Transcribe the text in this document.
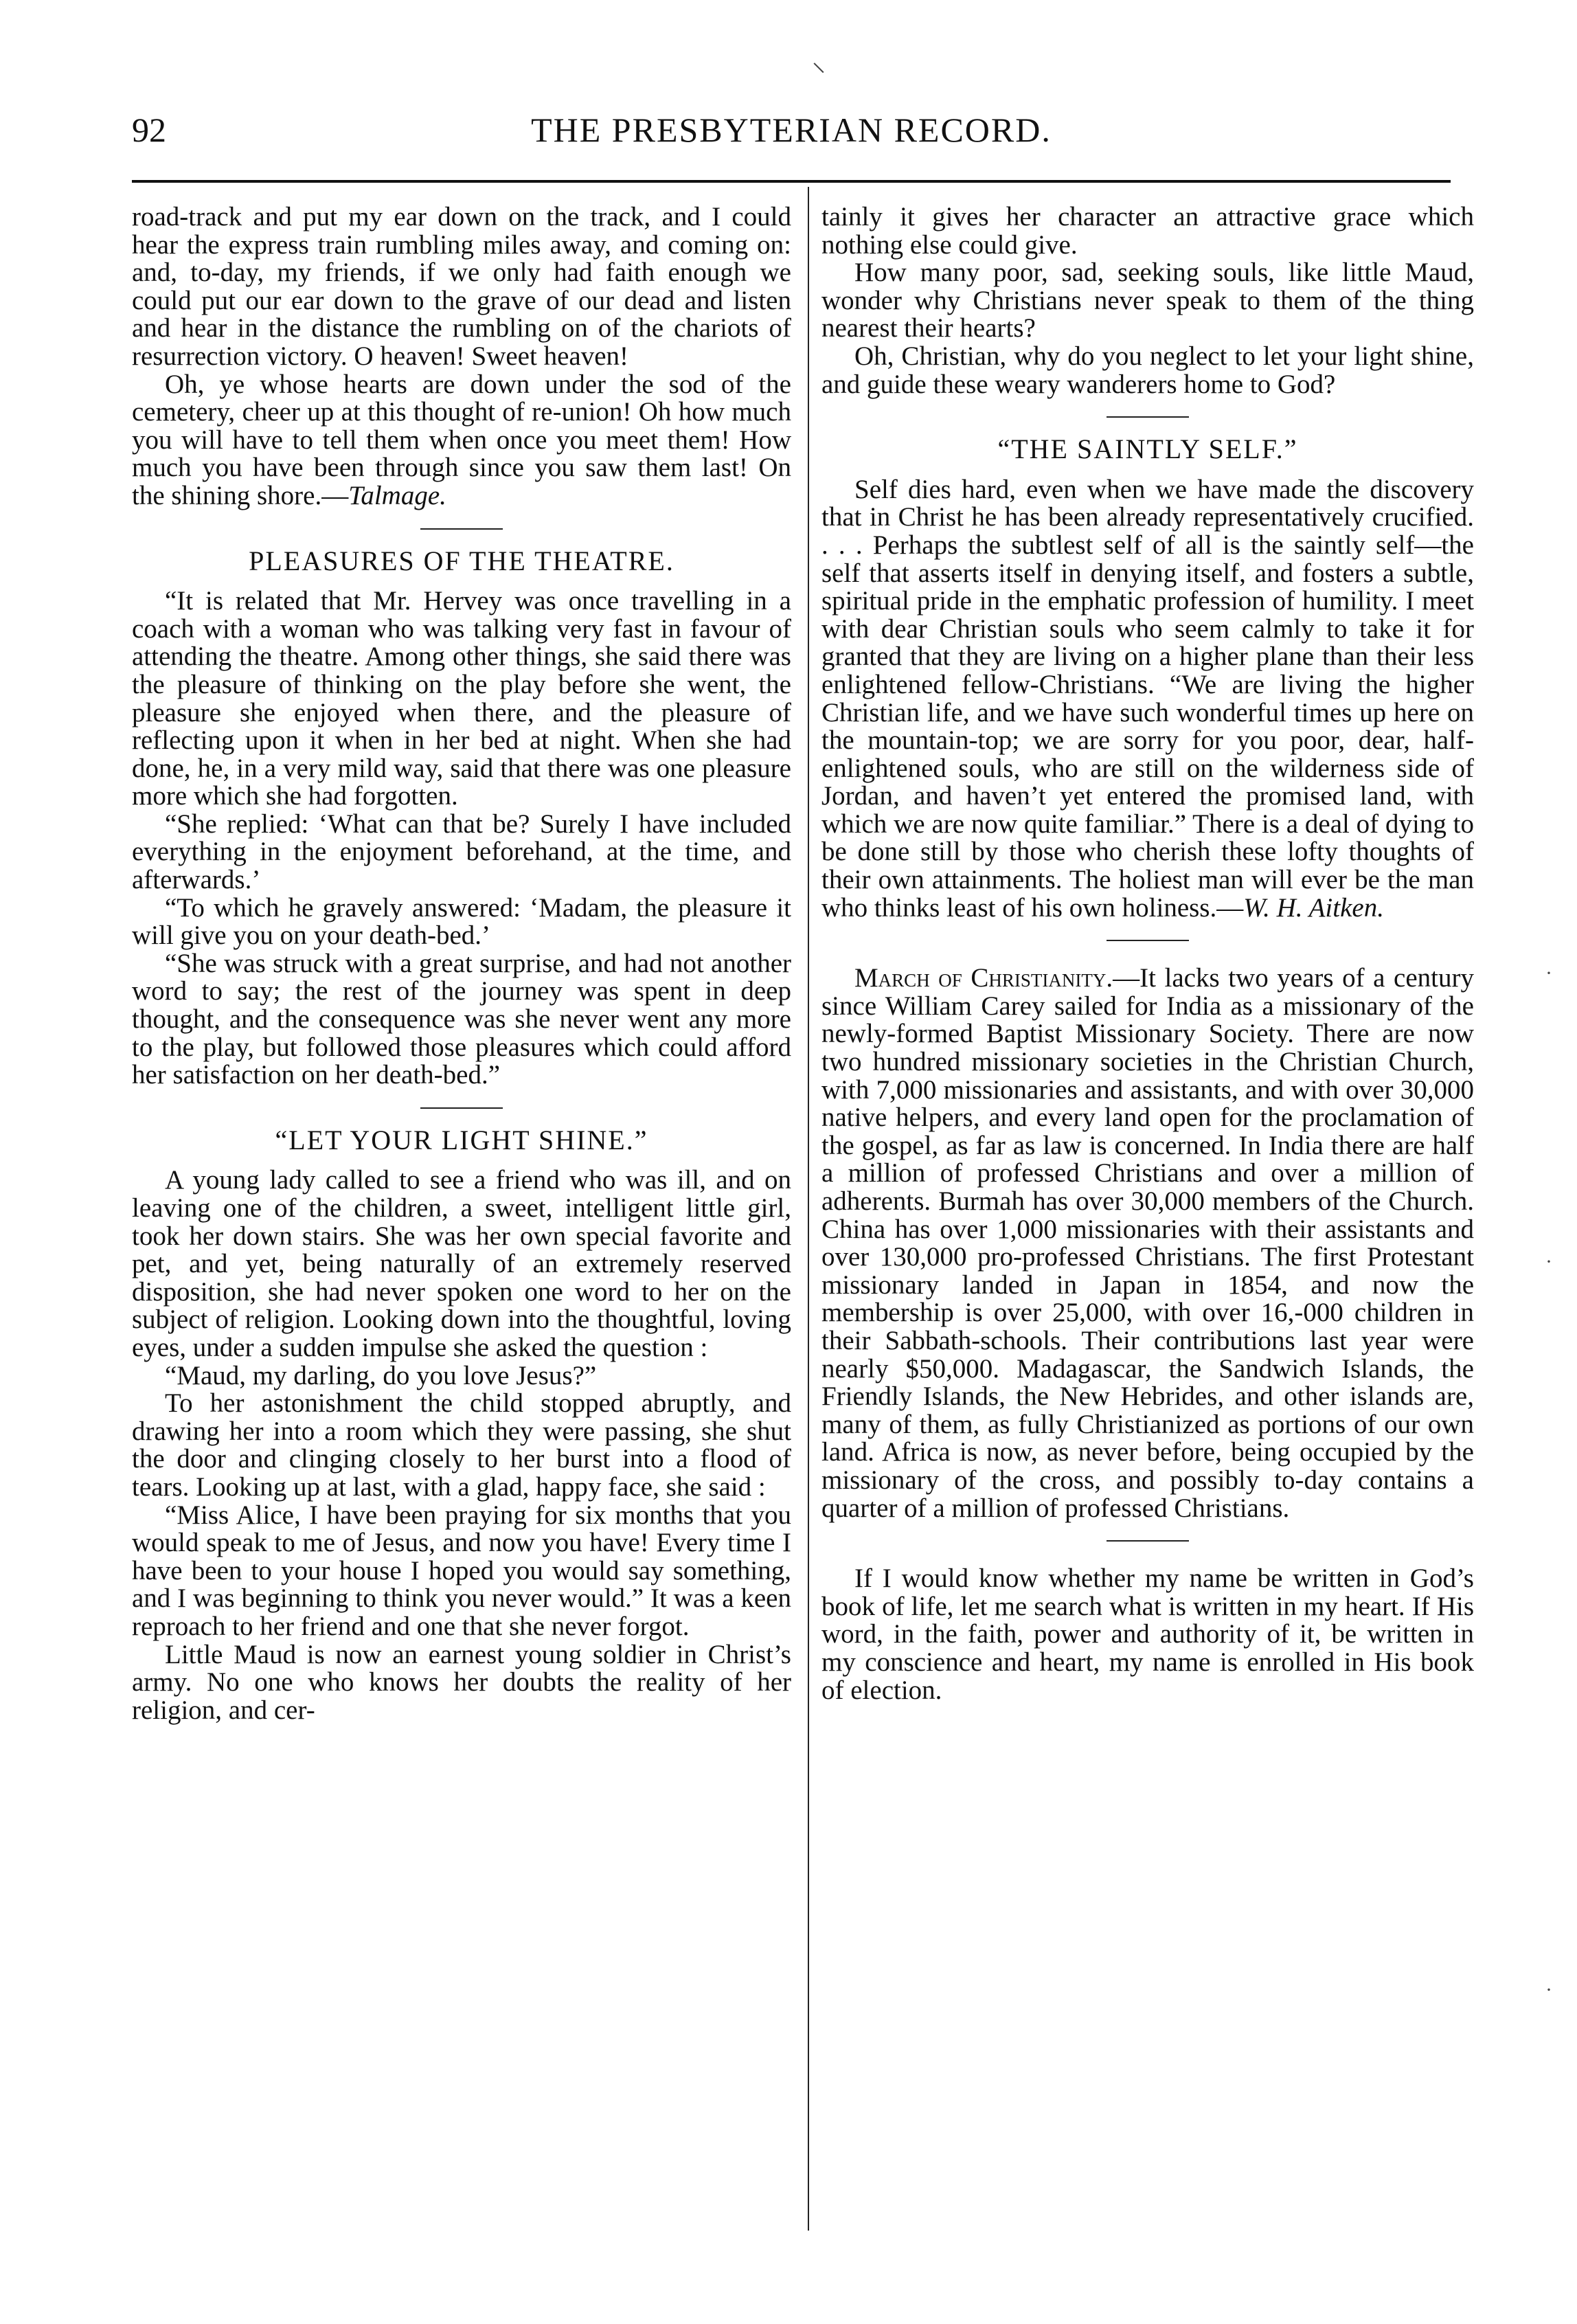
92	THE PRESBYTERIAN RECORD.

road-track and put my ear down on the track, and I could hear the express train rumbling miles away, and coming on: and, to-day, my friends, if we only had faith enough we could put our ear down to the grave of our dead and listen and hear in the distance the rumbling on of the chariots of resurrection victory. O heaven! Sweet heaven!

Oh, ye whose hearts are down under the sod of the cemetery, cheer up at this thought of re-union! Oh how much you will have to tell them when once you meet them! How much you have been through since you saw them last! On the shining shore.—Talmage.

PLEASURES OF THE THEATRE.

“It is related that Mr. Hervey was once travelling in a coach with a woman who was talking very fast in favour of attending the theatre. Among other things, she said there was the pleasure of thinking on the play before she went, the pleasure she enjoyed when there, and the pleasure of reflecting upon it when in her bed at night. When she had done, he, in a very mild way, said that there was one pleasure more which she had forgotten.

“She replied: ‘What can that be? Surely I have included everything in the enjoyment beforehand, at the time, and afterwards.’

“To which he gravely answered: ‘Madam, the pleasure it will give you on your death-bed.’

“She was struck with a great surprise, and had not another word to say; the rest of the journey was spent in deep thought, and the consequence was she never went any more to the play, but followed those pleasures which could afford her satisfaction on her death-bed.”

“LET YOUR LIGHT SHINE.”

A young lady called to see a friend who was ill, and on leaving one of the children, a sweet, intelligent little girl, took her down stairs. She was her own special favorite and pet, and yet, being naturally of an extremely reserved disposition, she had never spoken one word to her on the subject of religion. Looking down into the thoughtful, loving eyes, under a sudden impulse she asked the question :

“Maud, my darling, do you love Jesus?”

To her astonishment the child stopped abruptly, and drawing her into a room which they were passing, she shut the door and clinging closely to her burst into a flood of tears. Looking up at last, with a glad, happy face, she said :

“Miss Alice, I have been praying for six months that you would speak to me of Jesus, and now you have! Every time I have been to your house I hoped you would say something, and I was beginning to think you never would.” It was a keen reproach to her friend and one that she never forgot.

Little Maud is now an earnest young soldier in Christ’s army. No one who knows her doubts the reality of her religion, and cer-

tainly it gives her character an attractive grace which nothing else could give.

How many poor, sad, seeking souls, like little Maud, wonder why Christians never speak to them of the thing nearest their hearts?

Oh, Christian, why do you neglect to let your light shine, and guide these weary wanderers home to God?

“THE SAINTLY SELF.”

Self dies hard, even when we have made the discovery that in Christ he has been already representatively crucified. . . . Perhaps the subtlest self of all is the saintly self—the self that asserts itself in denying itself, and fosters a subtle, spiritual pride in the emphatic profession of humility. I meet with dear Christian souls who seem calmly to take it for granted that they are living on a higher plane than their less enlightened fellow-Christians. “We are living the higher Christian life, and we have such wonderful times up here on the mountain-top; we are sorry for you poor, dear, half-enlightened souls, who are still on the wilderness side of Jordan, and haven’t yet entered the promised land, with which we are now quite familiar.” There is a deal of dying to be done still by those who cherish these lofty thoughts of their own attainments. The holiest man will ever be the man who thinks least of his own holiness.—W. H. Aitken.

March of Christianity.—It lacks two years of a century since William Carey sailed for India as a missionary of the newly-formed Baptist Missionary Society. There are now two hundred missionary societies in the Christian Church, with 7,000 missionaries and assistants, and with over 30,000 native helpers, and every land open for the proclamation of the gospel, as far as law is concerned. In India there are half a million of professed Christians and over a million of adherents. Burmah has over 30,000 members of the Church. China has over 1,000 missionaries with their assistants and over 130,000 pro-professed Christians. The first Protestant missionary landed in Japan in 1854, and now the membership is over 25,000, with over 16,-000 children in their Sabbath-schools. Their contributions last year were nearly $50,000. Madagascar, the Sandwich Islands, the Friendly Islands, the New Hebrides, and other islands are, many of them, as fully Christianized as portions of our own land. Africa is now, as never before, being occupied by the missionary of the cross, and possibly to-day contains a quarter of a million of professed Christians.

If I would know whether my name be written in God’s book of life, let me search what is written in my heart. If His word, in the faith, power and authority of it, be written in my conscience and heart, my name is enrolled in His book of election.

⸜
·
·
·
